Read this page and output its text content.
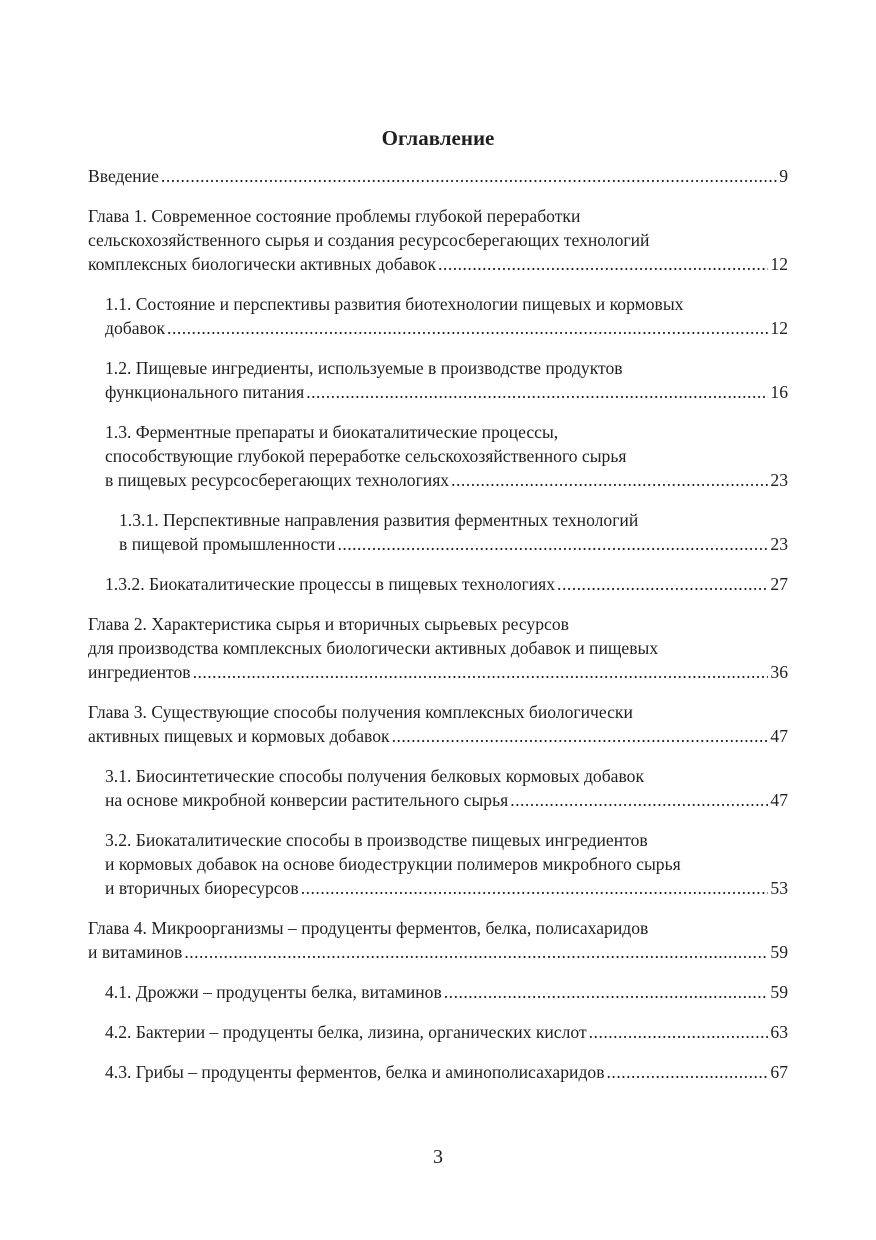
Оглавление
Введение .....	9
Глава 1. Современное состояние проблемы глубокой переработки
сельскохозяйственного сырья и создания ресурсосберегающих технологий
комплексных биологически активных добавок .....	12
1.1. Состояние и перспективы развития биотехнологии пищевых и кормовых
добавок .....	12
1.2. Пищевые ингредиенты, используемые в производстве продуктов
функционального питания .....	16
1.3. Ферментные препараты и биокаталитические процессы,
способствующие глубокой переработке сельскохозяйственного сырья
в пищевых ресурсосберегающих технологиях .....	23
1.3.1. Перспективные направления развития ферментных технологий
в пищевой промышленности .....	23
1.3.2. Биокаталитические процессы в пищевых технологиях .....	27
Глава 2. Характеристика сырья и вторичных сырьевых ресурсов
для производства комплексных биологически активных добавок и пищевых
ингредиентов .....	36
Глава 3. Существующие способы получения комплексных биологически
активных пищевых и кормовых добавок .....	47
3.1. Биосинтетические способы получения белковых кормовых добавок
на основе микробной конверсии растительного сырья .....	47
3.2. Биокаталитические способы в производстве пищевых ингредиентов
и кормовых добавок на основе биодеструкции полимеров микробного сырья
и вторичных биоресурсов .....	53
Глава 4. Микроорганизмы – продуценты ферментов, белка, полисахаридов
и витаминов .....	59
4.1. Дрожжи – продуценты белка, витаминов .....	59
4.2. Бактерии – продуценты белка, лизина, органических кислот .....	63
4.3. Грибы – продуценты ферментов, белка и аминополисахаридов .....	67
3
